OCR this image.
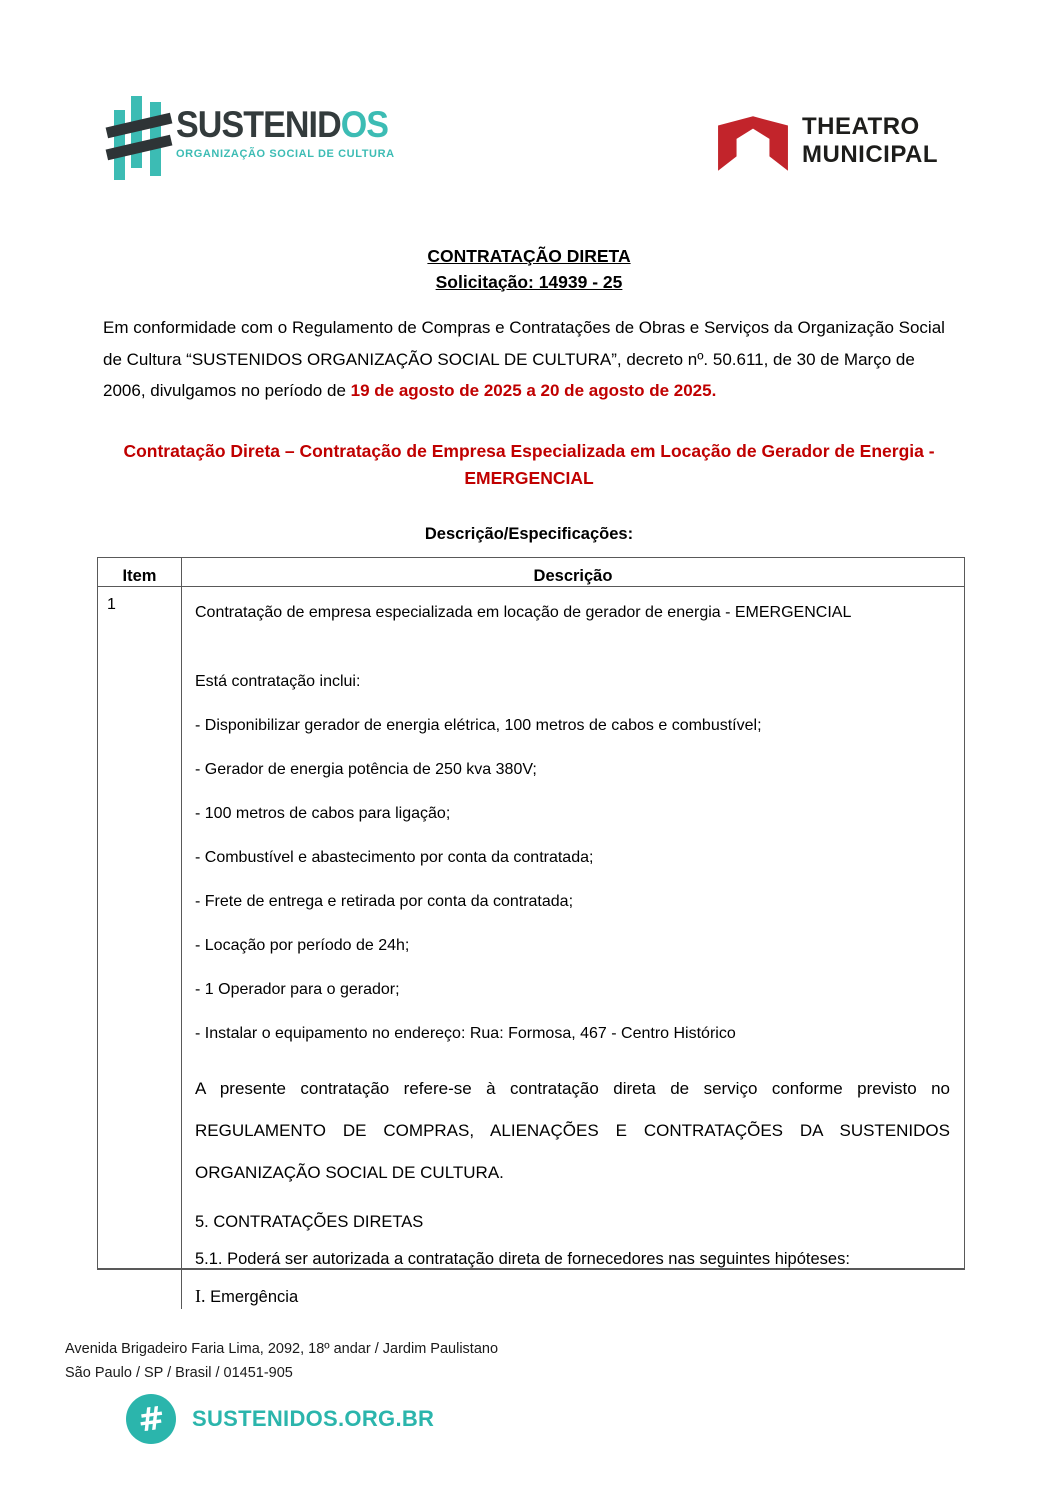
SUSTENIDOS
ORGANIZAÇÃO SOCIAL DE CULTURA
THEATRO
MUNICIPAL
CONTRATAÇÃO DIRETA
Solicitação: 14939 - 25
Em conformidade com o Regulamento de Compras e Contratações de Obras e Serviços da Organização Social de Cultura “SUSTENIDOS ORGANIZAÇÃO SOCIAL DE CULTURA”, decreto nº. 50.611, de 30 de Março de 2006, divulgamos no período de 19 de agosto de 2025 a 20 de agosto de 2025.
Contratação Direta – Contratação de Empresa Especializada em Locação de Gerador de Energia - EMERGENCIAL
Descrição/Especificações:
Item	Descrição
1	Contratação de empresa especializada em locação de gerador de energia - EMERGENCIAL

Está contratação inclui:

- Disponibilizar gerador de energia elétrica, 100 metros de cabos e combustível;

- Gerador de energia potência de 250 kva 380V;

- 100 metros de cabos para ligação;

- Combustível e abastecimento por conta da contratada;

- Frete de entrega e retirada por conta da contratada;

- Locação por período de 24h;

- 1 Operador para o gerador;

- Instalar o equipamento no endereço: Rua: Formosa, 467 - Centro Histórico

A presente contratação refere-se à contratação direta de serviço conforme previsto no REGULAMENTO DE COMPRAS, ALIENAÇÕES E CONTRATAÇÕES DA SUSTENIDOS ORGANIZAÇÃO SOCIAL DE CULTURA.

5. CONTRATAÇÕES DIRETAS

5.1. Poderá ser autorizada a contratação direta de fornecedores nas seguintes hipóteses:

I. Emergência

Avenida Brigadeiro Faria Lima, 2092, 18º andar / Jardim Paulistano
São Paulo / SP / Brasil / 01451-905
# SUSTENIDOS.ORG.BR
